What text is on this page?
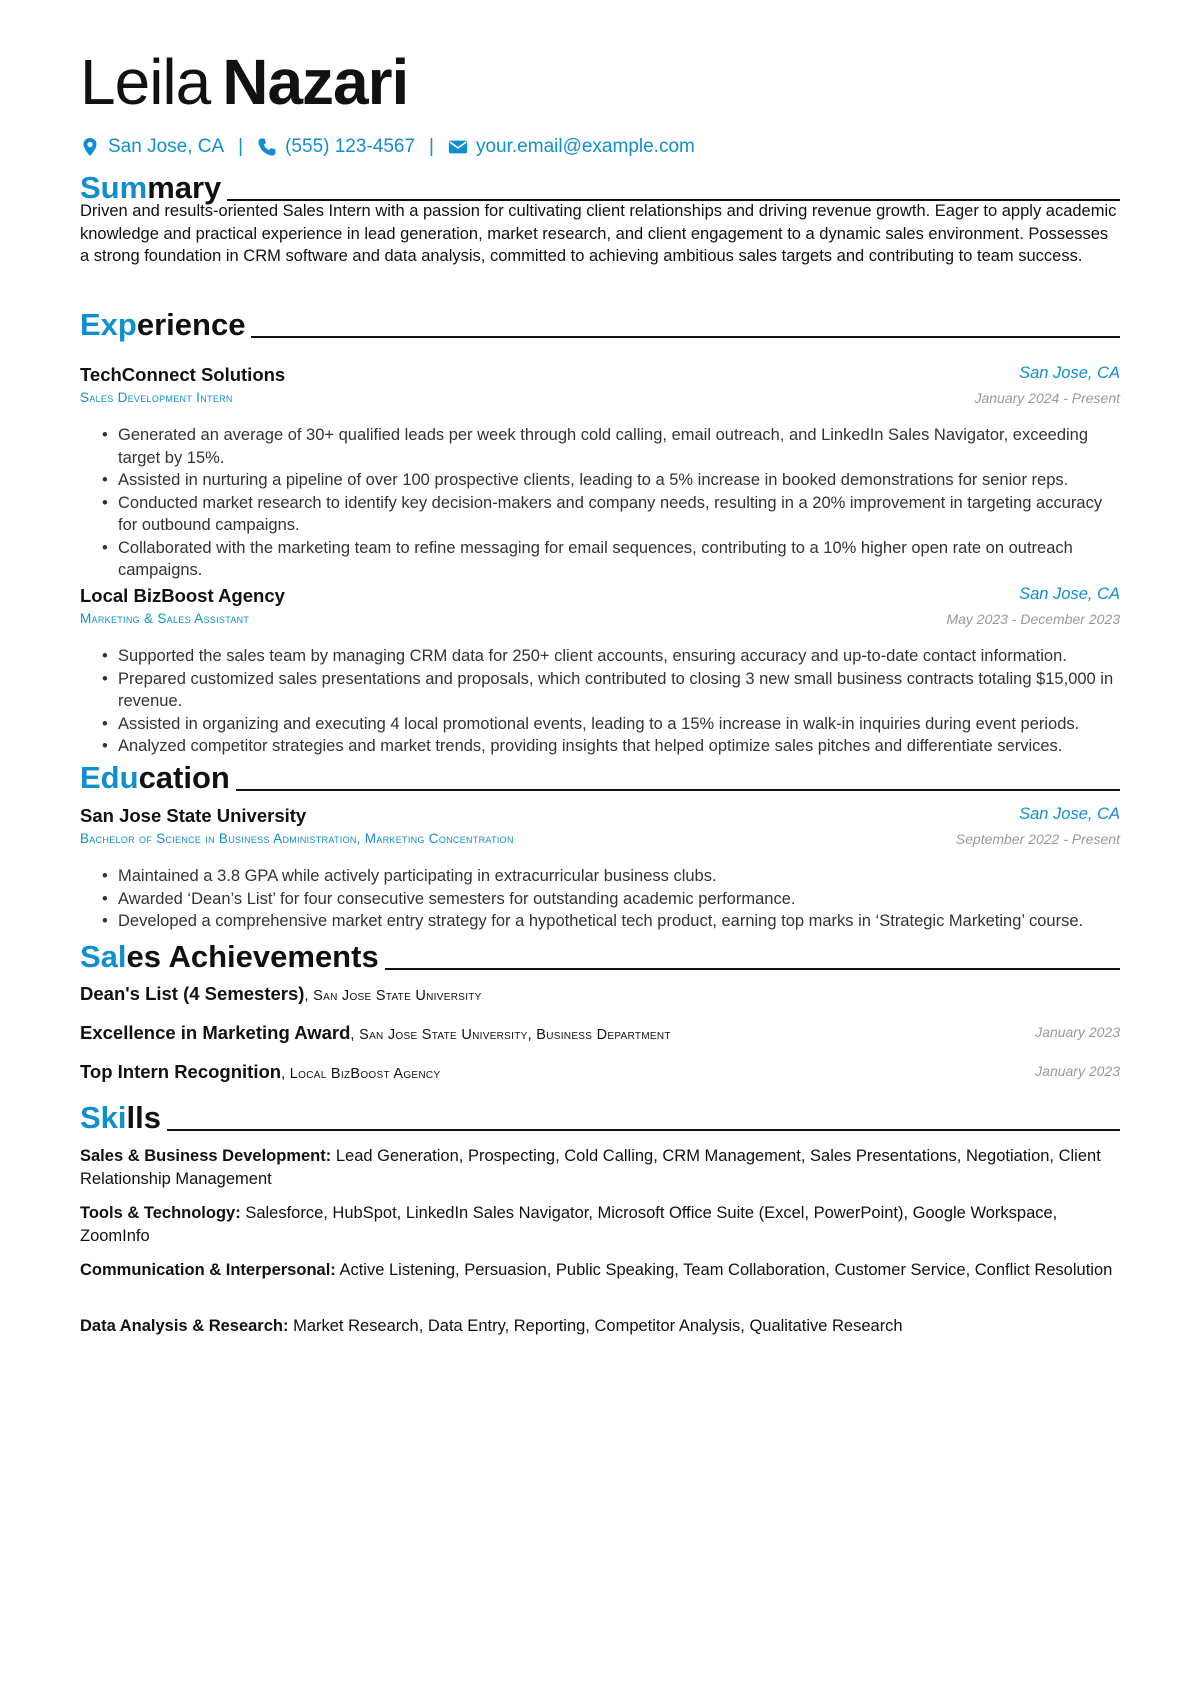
Leila Nazari
San Jose, CA | (555) 123-4567 | your.email@example.com
Summary
Driven and results-oriented Sales Intern with a passion for cultivating client relationships and driving revenue growth. Eager to apply academic knowledge and practical experience in lead generation, market research, and client engagement to a dynamic sales environment. Possesses a strong foundation in CRM software and data analysis, committed to achieving ambitious sales targets and contributing to team success.
Experience
TechConnect Solutions	San Jose, CA
Sales Development Intern	January 2024 - Present
• Generated an average of 30+ qualified leads per week through cold calling, email outreach, and LinkedIn Sales Navigator, exceeding target by 15%.
• Assisted in nurturing a pipeline of over 100 prospective clients, leading to a 5% increase in booked demonstrations for senior reps.
• Conducted market research to identify key decision-makers and company needs, resulting in a 20% improvement in targeting accuracy for outbound campaigns.
• Collaborated with the marketing team to refine messaging for email sequences, contributing to a 10% higher open rate on outreach campaigns.
Local BizBoost Agency	San Jose, CA
Marketing & Sales Assistant	May 2023 - December 2023
• Supported the sales team by managing CRM data for 250+ client accounts, ensuring accuracy and up-to-date contact information.
• Prepared customized sales presentations and proposals, which contributed to closing 3 new small business contracts totaling $15,000 in revenue.
• Assisted in organizing and executing 4 local promotional events, leading to a 15% increase in walk-in inquiries during event periods.
• Analyzed competitor strategies and market trends, providing insights that helped optimize sales pitches and differentiate services.
Education
San Jose State University	San Jose, CA
Bachelor of Science in Business Administration, Marketing Concentration	September 2022 - Present
• Maintained a 3.8 GPA while actively participating in extracurricular business clubs.
• Awarded ‘Dean’s List’ for four consecutive semesters for outstanding academic performance.
• Developed a comprehensive market entry strategy for a hypothetical tech product, earning top marks in ‘Strategic Marketing’ course.
Sales Achievements
Dean's List (4 Semesters), San Jose State University
Excellence in Marketing Award, San Jose State University, Business Department	January 2023
Top Intern Recognition, Local BizBoost Agency	January 2023
Skills
Sales & Business Development: Lead Generation, Prospecting, Cold Calling, CRM Management, Sales Presentations, Negotiation, Client Relationship Management
Tools & Technology: Salesforce, HubSpot, LinkedIn Sales Navigator, Microsoft Office Suite (Excel, PowerPoint), Google Workspace, ZoomInfo
Communication & Interpersonal: Active Listening, Persuasion, Public Speaking, Team Collaboration, Customer Service, Conflict Resolution
Data Analysis & Research: Market Research, Data Entry, Reporting, Competitor Analysis, Qualitative Research
